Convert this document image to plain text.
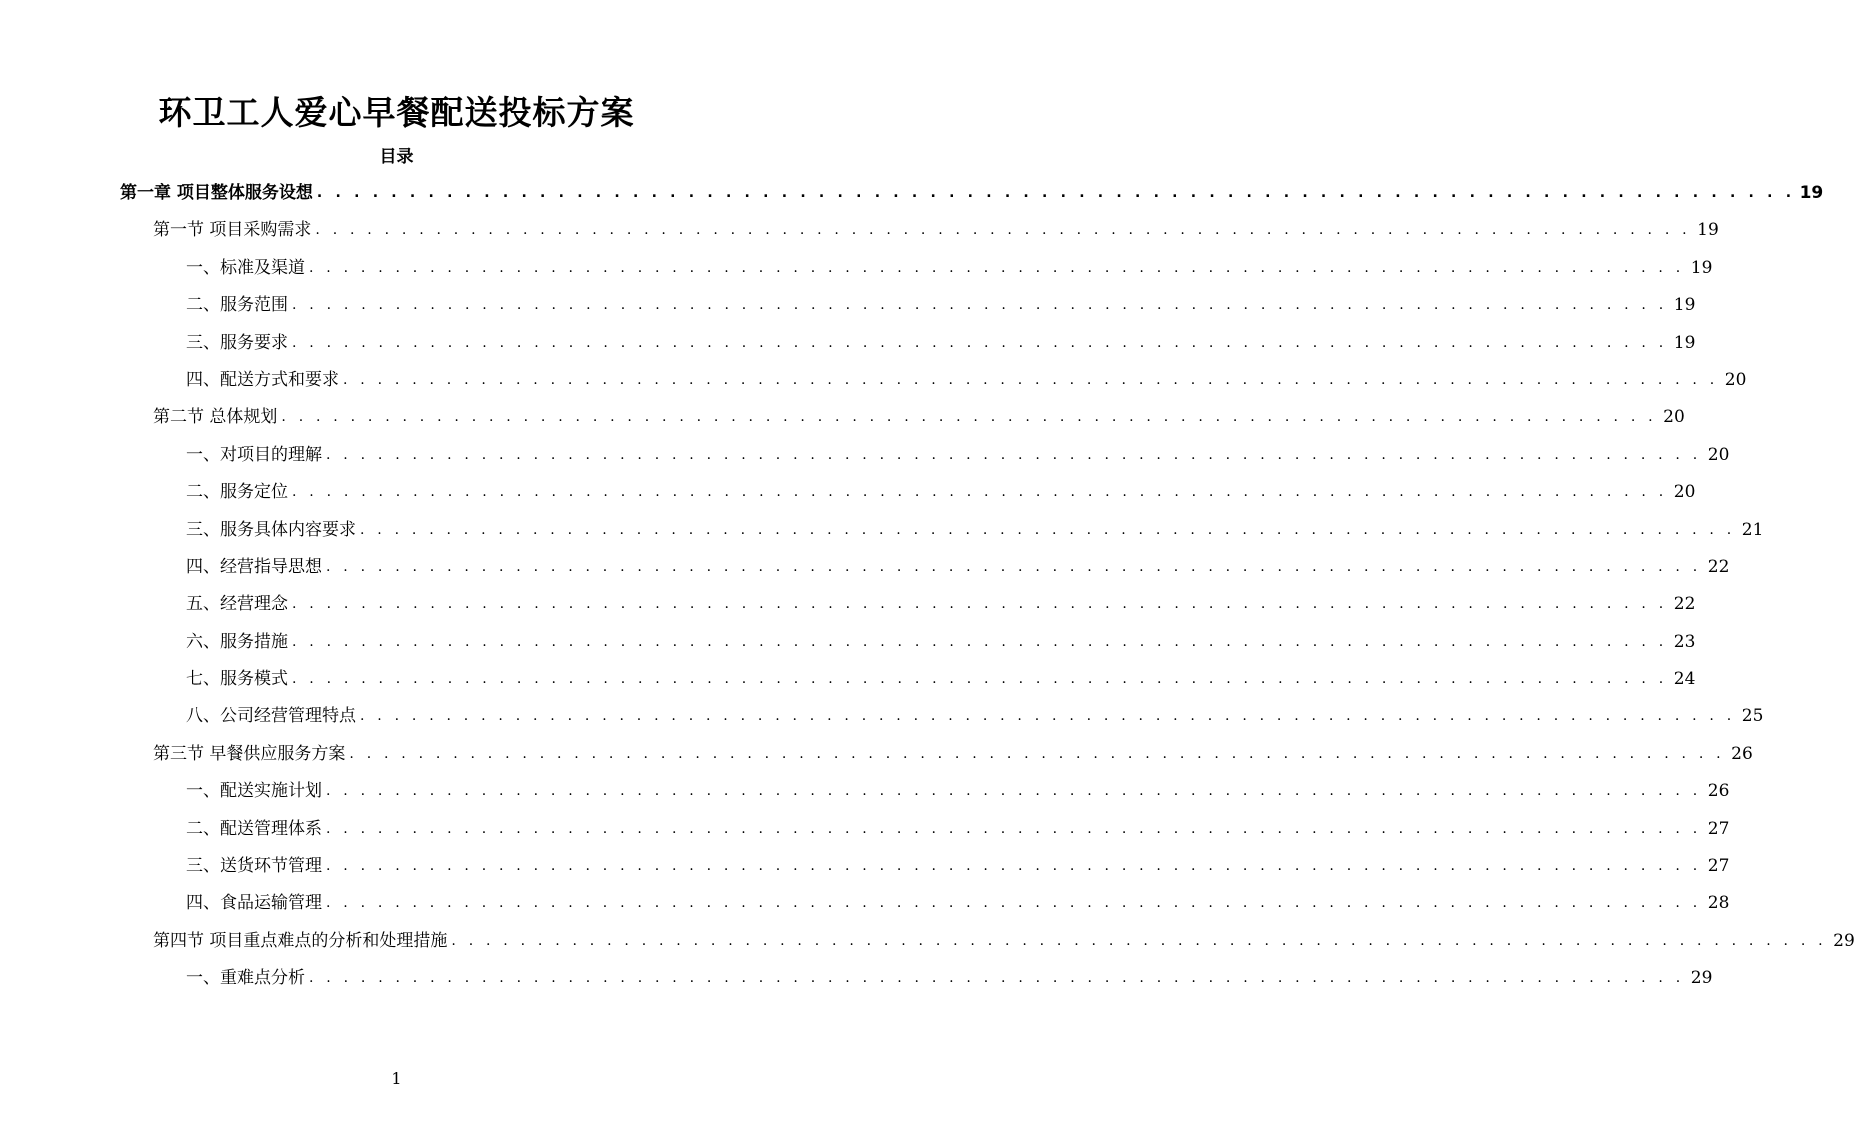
环卫工人爱心早餐配送投标方案
目录
第一章 项目整体服务设想 . . . . . . . . . . . . . . . . . . . . . . . . . . . . . . . . . . . . . . . . . . . . . . . . . . . . . . . . . . . . . . . . . . . . . . . . . . . . . . . . 19
第一节 项目采购需求 . . . . . . . . . . . . . . . . . . . . . . . . . . . . . . . . . . . . . . . . . . . . . . . . . . . . . . . . . . . . . . . . . . . . . . . . . . . . . . . . 19
一、标准及渠道 . . . . . . . . . . . . . . . . . . . . . . . . . . . . . . . . . . . . . . . . . . . . . . . . . . . . . . . . . . . . . . . . . . . . . . . . . . . . . . . . 19
二、服务范围 . . . . . . . . . . . . . . . . . . . . . . . . . . . . . . . . . . . . . . . . . . . . . . . . . . . . . . . . . . . . . . . . . . . . . . . . . . . . . . . . 19
三、服务要求 . . . . . . . . . . . . . . . . . . . . . . . . . . . . . . . . . . . . . . . . . . . . . . . . . . . . . . . . . . . . . . . . . . . . . . . . . . . . . . . . 19
四、配送方式和要求 . . . . . . . . . . . . . . . . . . . . . . . . . . . . . . . . . . . . . . . . . . . . . . . . . . . . . . . . . . . . . . . . . . . . . . . . . . . . . . . . 20
第二节 总体规划 . . . . . . . . . . . . . . . . . . . . . . . . . . . . . . . . . . . . . . . . . . . . . . . . . . . . . . . . . . . . . . . . . . . . . . . . . . . . . . . . 20
一、对项目的理解 . . . . . . . . . . . . . . . . . . . . . . . . . . . . . . . . . . . . . . . . . . . . . . . . . . . . . . . . . . . . . . . . . . . . . . . . . . . . . . . . 20
二、服务定位 . . . . . . . . . . . . . . . . . . . . . . . . . . . . . . . . . . . . . . . . . . . . . . . . . . . . . . . . . . . . . . . . . . . . . . . . . . . . . . . . 20
三、服务具体内容要求 . . . . . . . . . . . . . . . . . . . . . . . . . . . . . . . . . . . . . . . . . . . . . . . . . . . . . . . . . . . . . . . . . . . . . . . . . . . . . . . . 21
四、经营指导思想 . . . . . . . . . . . . . . . . . . . . . . . . . . . . . . . . . . . . . . . . . . . . . . . . . . . . . . . . . . . . . . . . . . . . . . . . . . . . . . . . 22
五、经营理念 . . . . . . . . . . . . . . . . . . . . . . . . . . . . . . . . . . . . . . . . . . . . . . . . . . . . . . . . . . . . . . . . . . . . . . . . . . . . . . . . 22
六、服务措施 . . . . . . . . . . . . . . . . . . . . . . . . . . . . . . . . . . . . . . . . . . . . . . . . . . . . . . . . . . . . . . . . . . . . . . . . . . . . . . . . 23
七、服务模式 . . . . . . . . . . . . . . . . . . . . . . . . . . . . . . . . . . . . . . . . . . . . . . . . . . . . . . . . . . . . . . . . . . . . . . . . . . . . . . . . 24
八、公司经营管理特点 . . . . . . . . . . . . . . . . . . . . . . . . . . . . . . . . . . . . . . . . . . . . . . . . . . . . . . . . . . . . . . . . . . . . . . . . . . . . . . . . 25
第三节 早餐供应服务方案 . . . . . . . . . . . . . . . . . . . . . . . . . . . . . . . . . . . . . . . . . . . . . . . . . . . . . . . . . . . . . . . . . . . . . . . . . . . . . . . . 26
一、配送实施计划 . . . . . . . . . . . . . . . . . . . . . . . . . . . . . . . . . . . . . . . . . . . . . . . . . . . . . . . . . . . . . . . . . . . . . . . . . . . . . . . . 26
二、配送管理体系 . . . . . . . . . . . . . . . . . . . . . . . . . . . . . . . . . . . . . . . . . . . . . . . . . . . . . . . . . . . . . . . . . . . . . . . . . . . . . . . . 27
三、送货环节管理 . . . . . . . . . . . . . . . . . . . . . . . . . . . . . . . . . . . . . . . . . . . . . . . . . . . . . . . . . . . . . . . . . . . . . . . . . . . . . . . . 27
四、食品运输管理 . . . . . . . . . . . . . . . . . . . . . . . . . . . . . . . . . . . . . . . . . . . . . . . . . . . . . . . . . . . . . . . . . . . . . . . . . . . . . . . . 28
第四节 项目重点难点的分析和处理措施 . . . . . . . . . . . . . . . . . . . . . . . . . . . . . . . . . . . . . . . . . . . . . . . . . . . . . . . . . . . . . . . . . . . . . . . . . . . . . . . . 29
一、重难点分析 . . . . . . . . . . . . . . . . . . . . . . . . . . . . . . . . . . . . . . . . . . . . . . . . . . . . . . . . . . . . . . . . . . . . . . . . . . . . . . . . 29
1
